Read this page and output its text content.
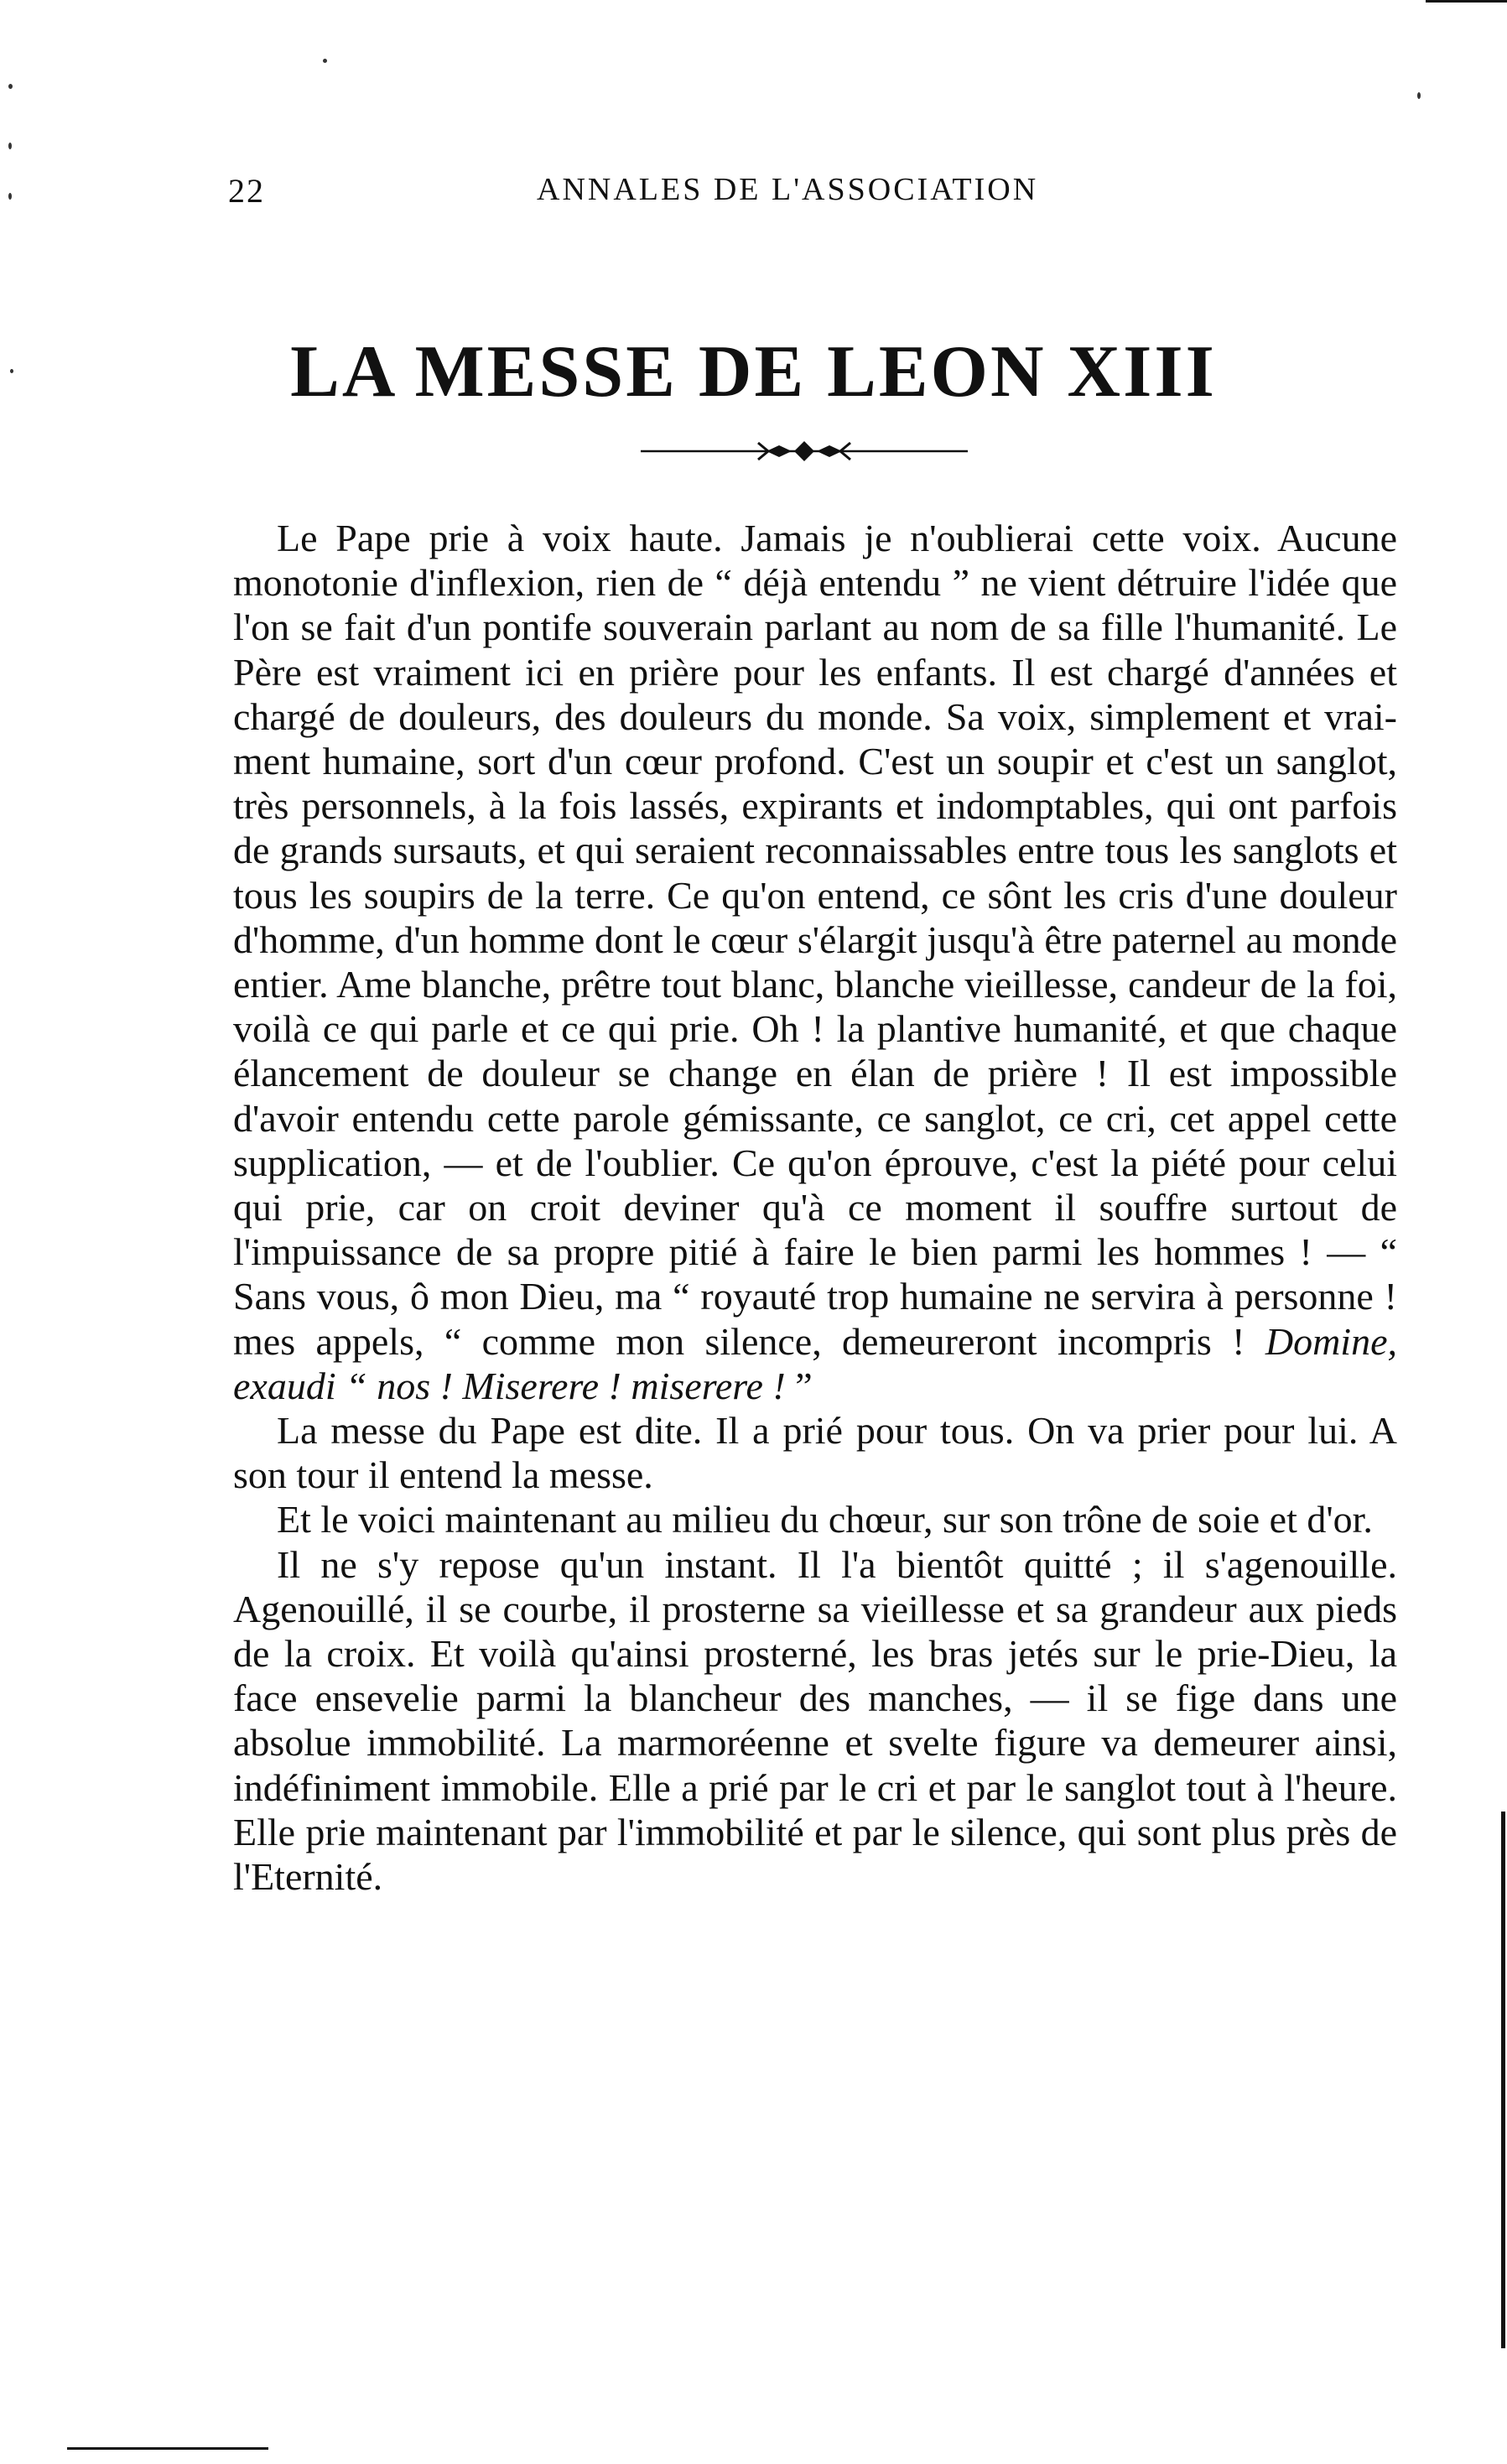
22	ANNALES DE L'ASSOCIATION
LA MESSE DE LEON XIII

Le Pape prie à voix haute. Jamais je n'oublierai cette voix. Aucune monotonie d'inflexion, rien de “ déjà entendu ” ne vient détruire l'idée que l'on se fait d'un pontife souverain parlant au nom de sa fille l'humanité. Le Père est vraiment ici en prière pour les enfants. Il est chargé d'années et chargé de douleurs, des douleurs du monde. Sa voix, simplement et vraiment humaine, sort d'un cœur profond. C'est un soupir et c'est un sanglot, très personnels, à la fois lassés, expirants et indomptables, qui ont parfois de grands sursauts, et qui seraient reconnaissables entre tous les sanglots et tous les soupirs de la terre. Ce qu'on entend, ce sônt les cris d'une douleur d'homme, d'un homme dont le cœur s'élargit jusqu'à être paternel au monde entier. Ame blanche, prêtre tout blanc, blanche vieillesse, candeur de la foi, voilà ce qui parle et ce qui prie. Oh ! la plantive humanité, et que chaque élancement de douleur se change en élan de prière ! Il est impossible d'avoir entendu cette parole gémissante, ce sanglot, ce cri, cet appel cette supplication, — et de l'oublier. Ce qu'on éprouve, c'est la piété pour celui qui prie, car on croit deviner qu'à ce moment il souffre surtout de l'impuissance de sa propre pitié à faire le bien parmi les hommes ! — “ Sans vous, ô mon Dieu, ma “ royauté trop humaine ne servira à personne ! mes appels, “ comme mon silence, demeureront incompris ! Domine, exaudi “ nos ! Miserere ! miserere ! ”

La messe du Pape est dite. Il a prié pour tous. On va prier pour lui. A son tour il entend la messe.

Et le voici maintenant au milieu du chœur, sur son trône de soie et d'or.

Il ne s'y repose qu'un instant. Il l'a bientôt quitté ; il s'agenouille. Agenouillé, il se courbe, il prosterne sa vieillesse et sa grandeur aux pieds de la croix. Et voilà qu'ainsi prosterné, les bras jetés sur le prie-Dieu, la face ensevelie parmi la blancheur des manches, — il se fige dans une absolue immobilité. La marmoréenne et svelte figure va demeurer ainsi, indéfiniment immobile. Elle a prié par le cri et par le sanglot tout à l'heure. Elle prie maintenant par l'immobilité et par le silence, qui sont plus près de l'Eternité.
